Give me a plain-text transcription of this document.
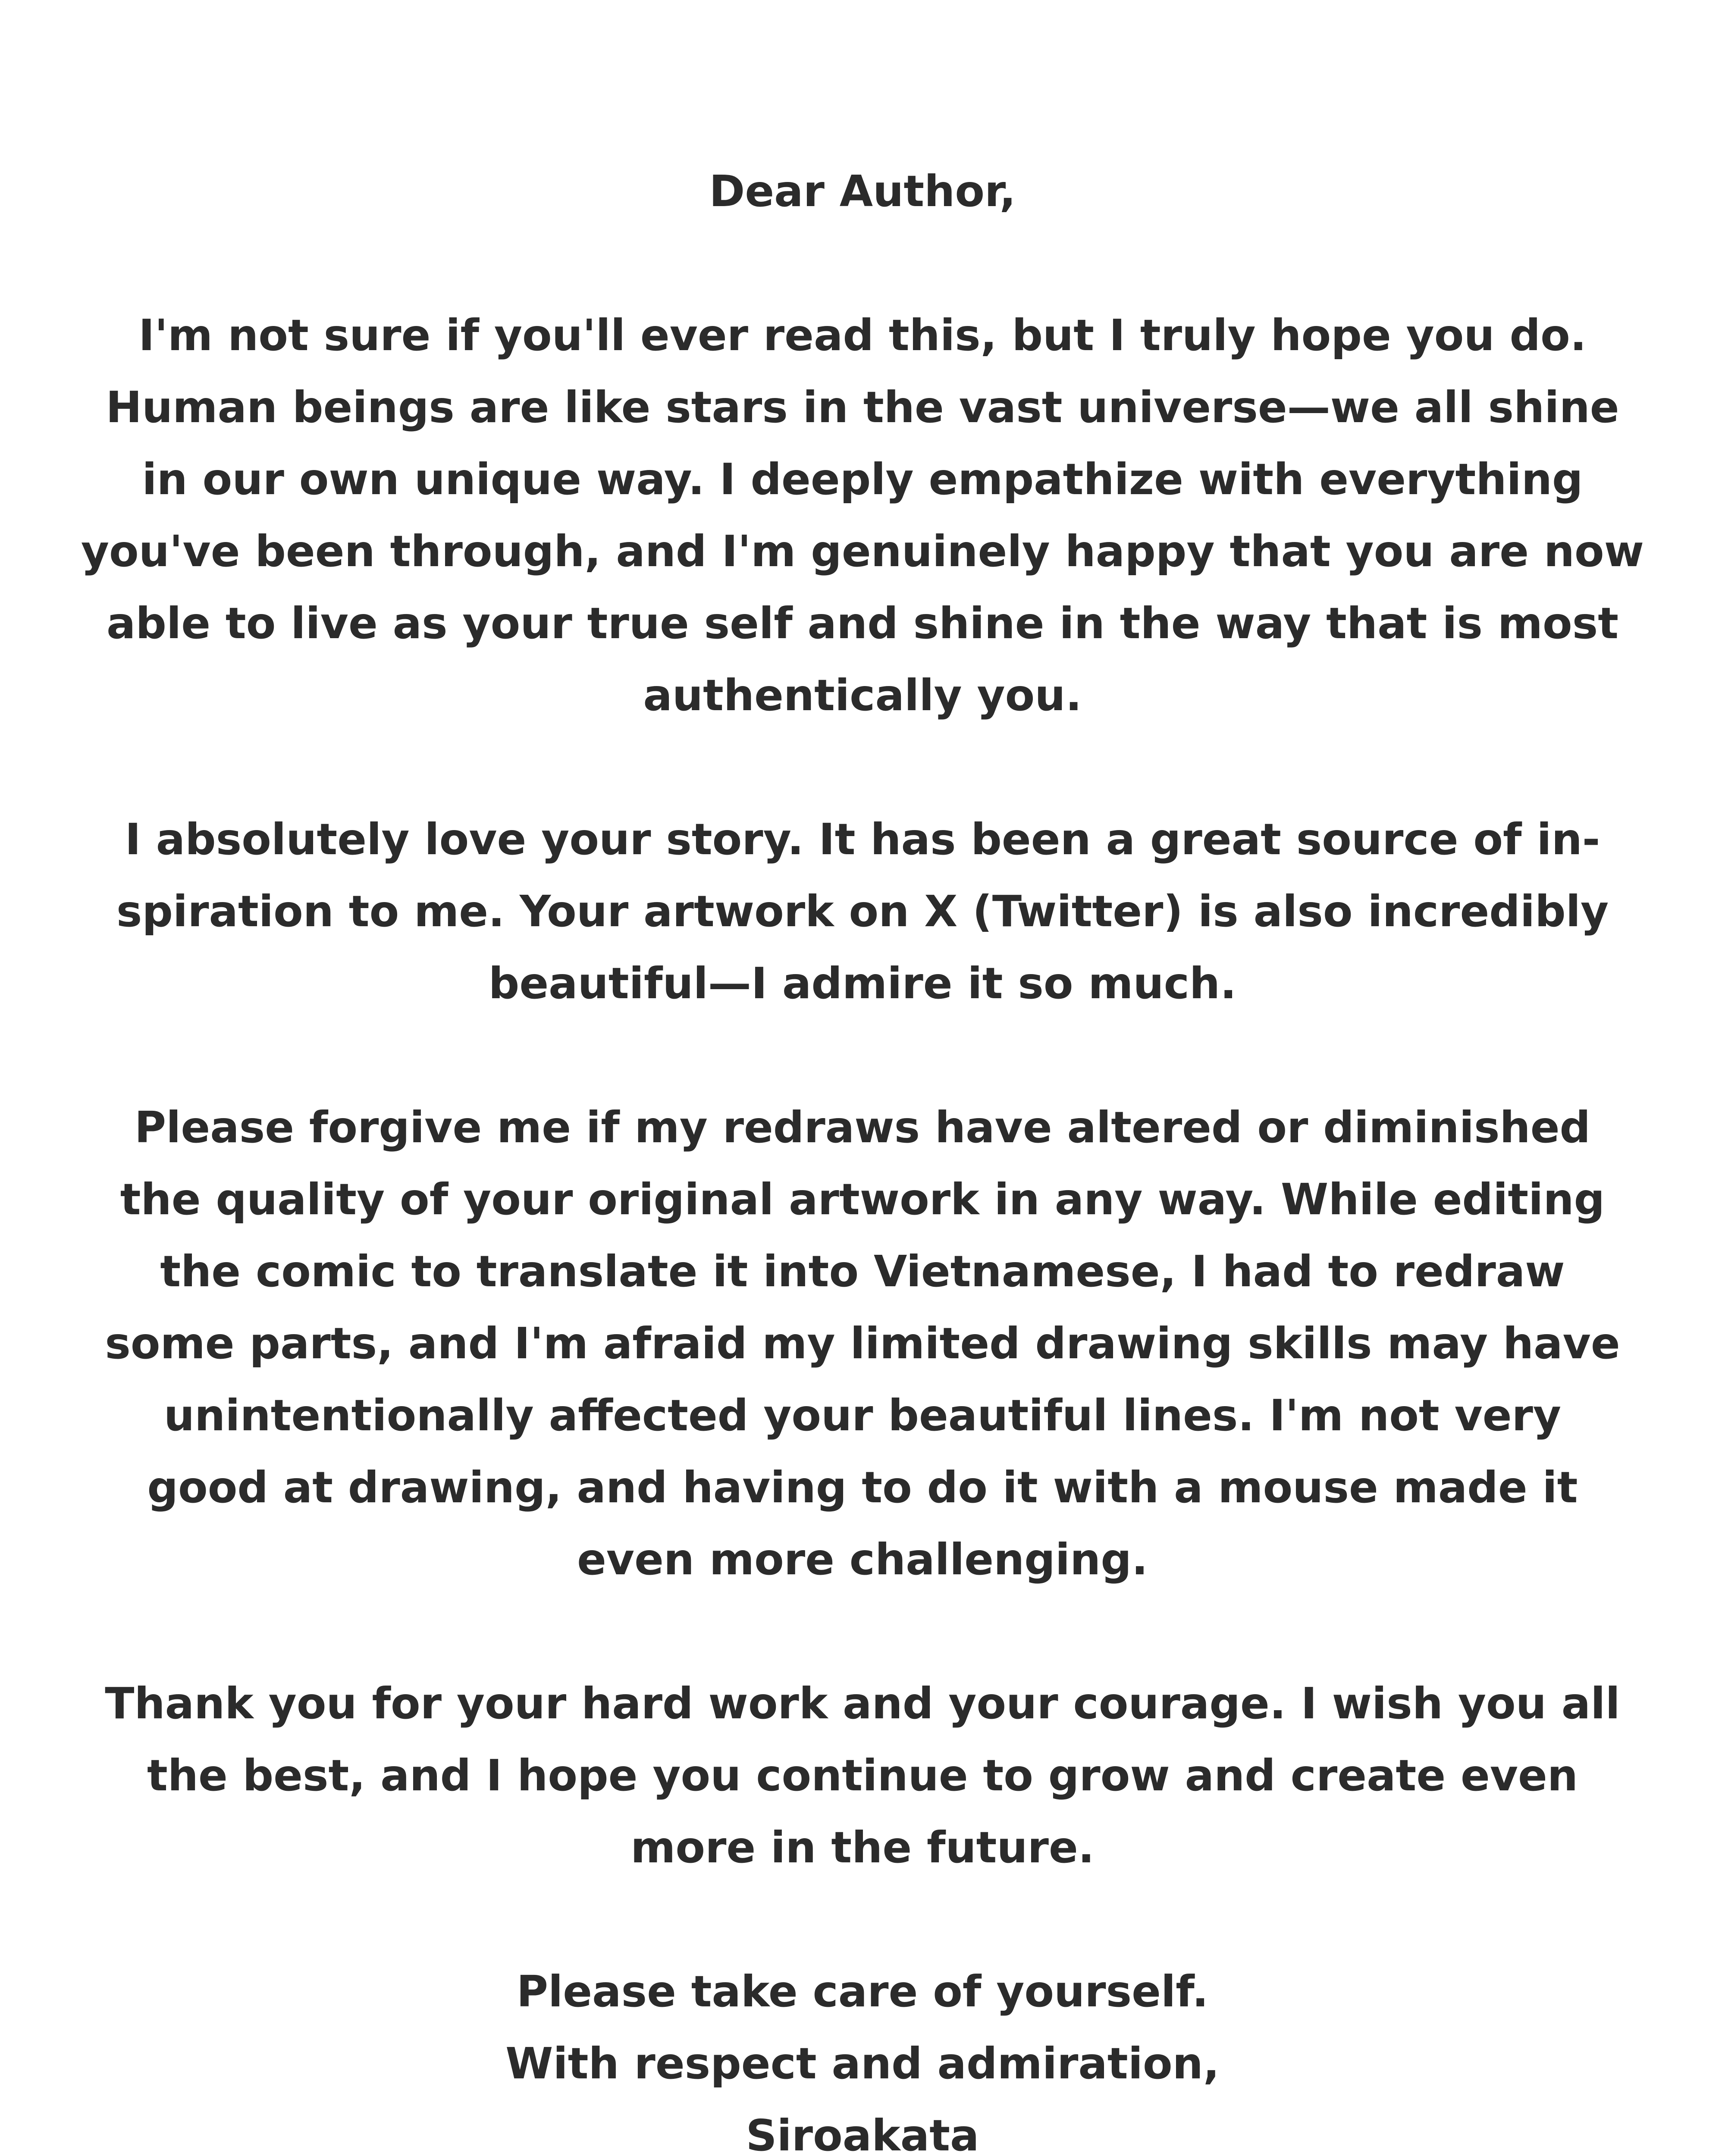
Dear Author,
I'm not sure if you'll ever read this, but I truly hope you do.
Human beings are like stars in the vast universe—we all shine
in our own unique way. I deeply empathize with everything
you've been through, and I'm genuinely happy that you are now
able to live as your true self and shine in the way that is most
authentically you.
I absolutely love your story. It has been a great source of in-
spiration to me. Your artwork on X (Twitter) is also incredibly
beautiful—I admire it so much.
Please forgive me if my redraws have altered or diminished
the quality of your original artwork in any way. While editing
the comic to translate it into Vietnamese, I had to redraw
some parts, and I'm afraid my limited drawing skills may have
unintentionally affected your beautiful lines. I'm not very
good at drawing, and having to do it with a mouse made it
even more challenging.
Thank you for your hard work and your courage. I wish you all
the best, and I hope you continue to grow and create even
more in the future.
Please take care of yourself.
With respect and admiration,
Siroakata
